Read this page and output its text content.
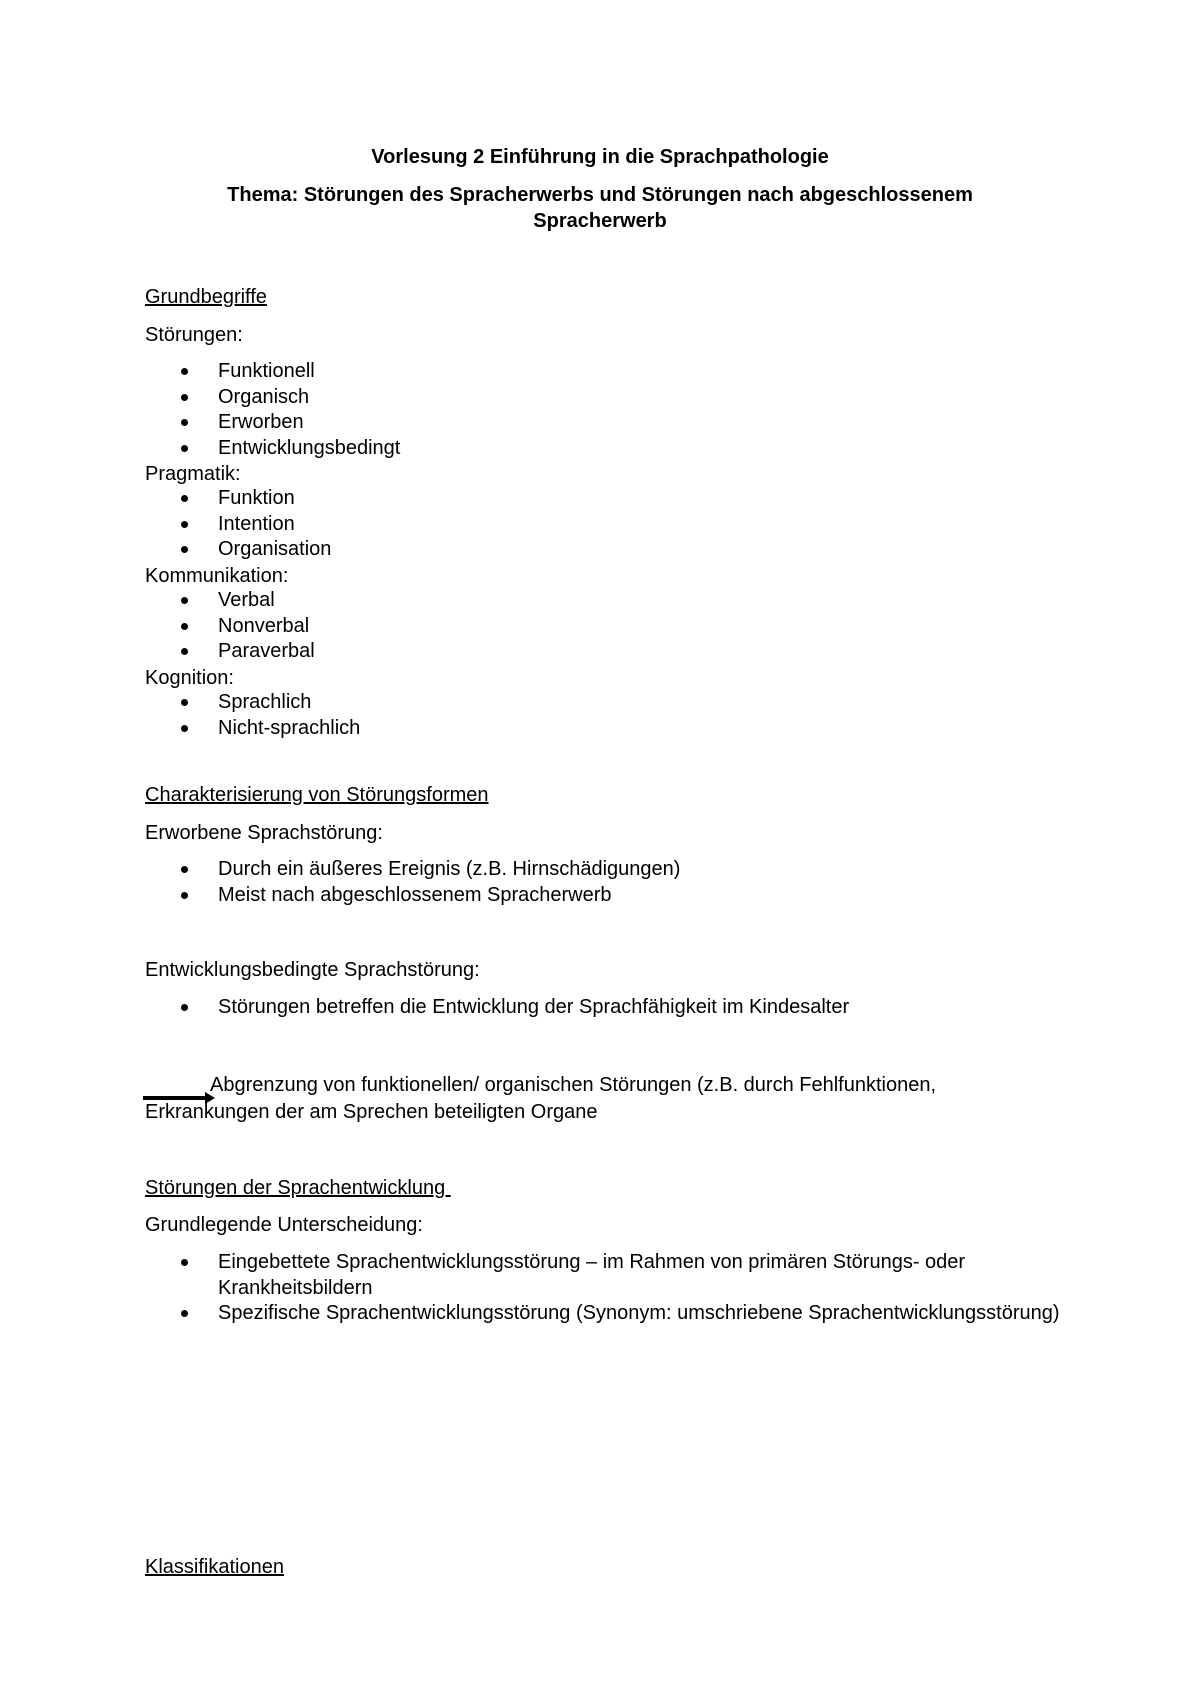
Vorlesung 2 Einführung in die Sprachpathologie

Thema: Störungen des Spracherwerbs und Störungen nach abgeschlossenem

Spracherwerb

Grundbegriffe

Störungen:

Funktionell
Organisch
Erworben
Entwicklungsbedingt

Pragmatik:

Funktion
Intention
Organisation

Kommunikation:

Verbal
Nonverbal
Paraverbal

Kognition:

Sprachlich
Nicht-sprachlich

Charakterisierung von Störungsformen

Erworbene Sprachstörung:

Durch ein äußeres Ereignis (z.B. Hirnschädigungen)
Meist nach abgeschlossenem Spracherwerb

Entwicklungsbedingte Sprachstörung:

Störungen betreffen die Entwicklung der Sprachfähigkeit im Kindesalter

Abgrenzung von funktionellen/ organischen Störungen (z.B. durch Fehlfunktionen,

Erkrankungen der am Sprechen beteiligten Organe

Störungen der Sprachentwicklung

Grundlegende Unterscheidung:

Eingebettete Sprachentwicklungsstörung – im Rahmen von primären Störungs- oder Krankheitsbildern
Spezifische Sprachentwicklungsstörung (Synonym: umschriebene Sprachentwicklungsstörung)

Klassifikationen
